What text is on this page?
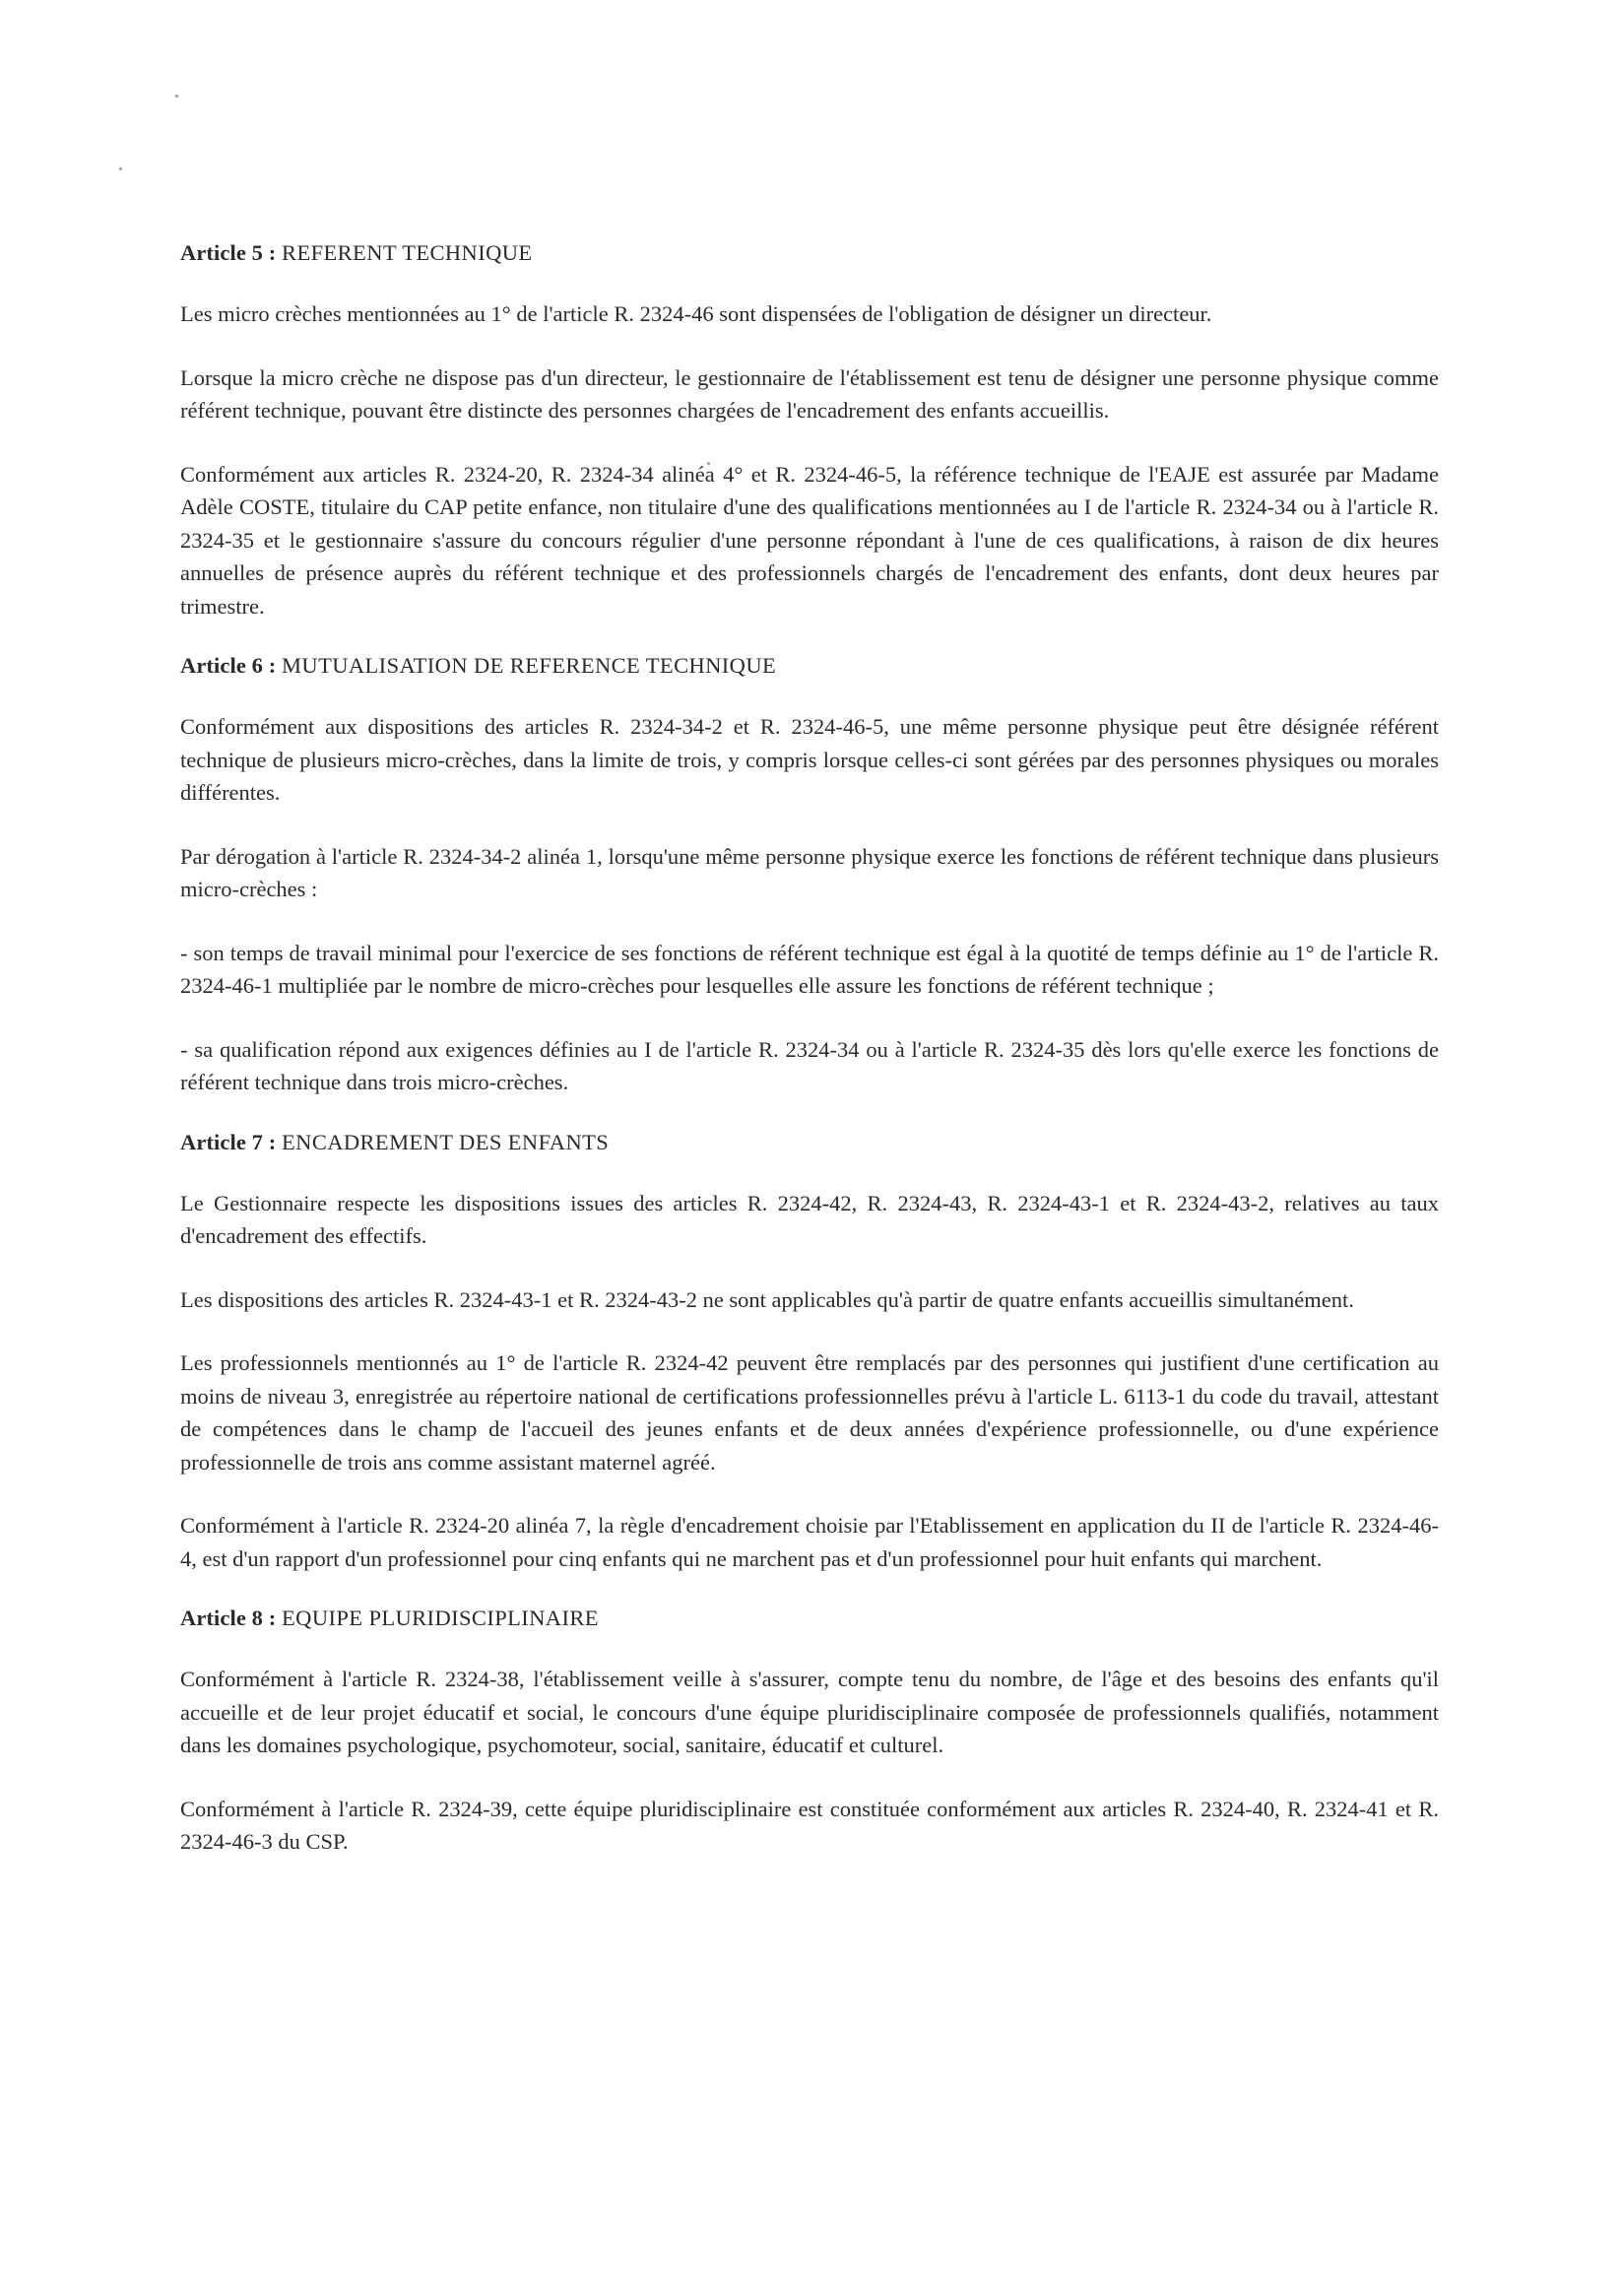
Article 5 : REFERENT TECHNIQUE

Les micro crèches mentionnées au 1° de l'article R. 2324-46 sont dispensées de l'obligation de désigner un directeur.

Lorsque la micro crèche ne dispose pas d'un directeur, le gestionnaire de l'établissement est tenu de désigner une personne physique comme référent technique, pouvant être distincte des personnes chargées de l'encadrement des enfants accueillis.

Conformément aux articles R. 2324-20, R. 2324-34 alinéa 4° et R. 2324-46-5, la référence technique de l'EAJE est assurée par Madame Adèle COSTE, titulaire du CAP petite enfance, non titulaire d'une des qualifications mentionnées au I de l'article R. 2324-34 ou à l'article R. 2324-35 et le gestionnaire s'assure du concours régulier d'une personne répondant à l'une de ces qualifications, à raison de dix heures annuelles de présence auprès du référent technique et des professionnels chargés de l'encadrement des enfants, dont deux heures par trimestre.

Article 6 : MUTUALISATION DE REFERENCE TECHNIQUE

Conformément aux dispositions des articles R. 2324-34-2 et R. 2324-46-5, une même personne physique peut être désignée référent technique de plusieurs micro-crèches, dans la limite de trois, y compris lorsque celles-ci sont gérées par des personnes physiques ou morales différentes.

Par dérogation à l'article R. 2324-34-2 alinéa 1, lorsqu'une même personne physique exerce les fonctions de référent technique dans plusieurs micro-crèches :

- son temps de travail minimal pour l'exercice de ses fonctions de référent technique est égal à la quotité de temps définie au 1° de l'article R. 2324-46-1 multipliée par le nombre de micro-crèches pour lesquelles elle assure les fonctions de référent technique ;

- sa qualification répond aux exigences définies au I de l'article R. 2324-34 ou à l'article R. 2324-35 dès lors qu'elle exerce les fonctions de référent technique dans trois micro-crèches.

Article 7 : ENCADREMENT DES ENFANTS

Le Gestionnaire respecte les dispositions issues des articles R. 2324-42, R. 2324-43, R. 2324-43-1 et R. 2324-43-2, relatives au taux d'encadrement des effectifs.

Les dispositions des articles R. 2324-43-1 et R. 2324-43-2 ne sont applicables qu'à partir de quatre enfants accueillis simultanément.

Les professionnels mentionnés au 1° de l'article R. 2324-42 peuvent être remplacés par des personnes qui justifient d'une certification au moins de niveau 3, enregistrée au répertoire national de certifications professionnelles prévu à l'article L. 6113-1 du code du travail, attestant de compétences dans le champ de l'accueil des jeunes enfants et de deux années d'expérience professionnelle, ou d'une expérience professionnelle de trois ans comme assistant maternel agréé.

Conformément à l'article R. 2324-20 alinéa 7, la règle d'encadrement choisie par l'Etablissement en application du II de l'article R. 2324-46-4, est d'un rapport d'un professionnel pour cinq enfants qui ne marchent pas et d'un professionnel pour huit enfants qui marchent.

Article 8 : EQUIPE PLURIDISCIPLINAIRE

Conformément à l'article R. 2324-38, l'établissement veille à s'assurer, compte tenu du nombre, de l'âge et des besoins des enfants qu'il accueille et de leur projet éducatif et social, le concours d'une équipe pluridisciplinaire composée de professionnels qualifiés, notamment dans les domaines psychologique, psychomoteur, social, sanitaire, éducatif et culturel.

Conformément à l'article R. 2324-39, cette équipe pluridisciplinaire est constituée conformément aux articles R. 2324-40, R. 2324-41 et R. 2324-46-3 du CSP.
